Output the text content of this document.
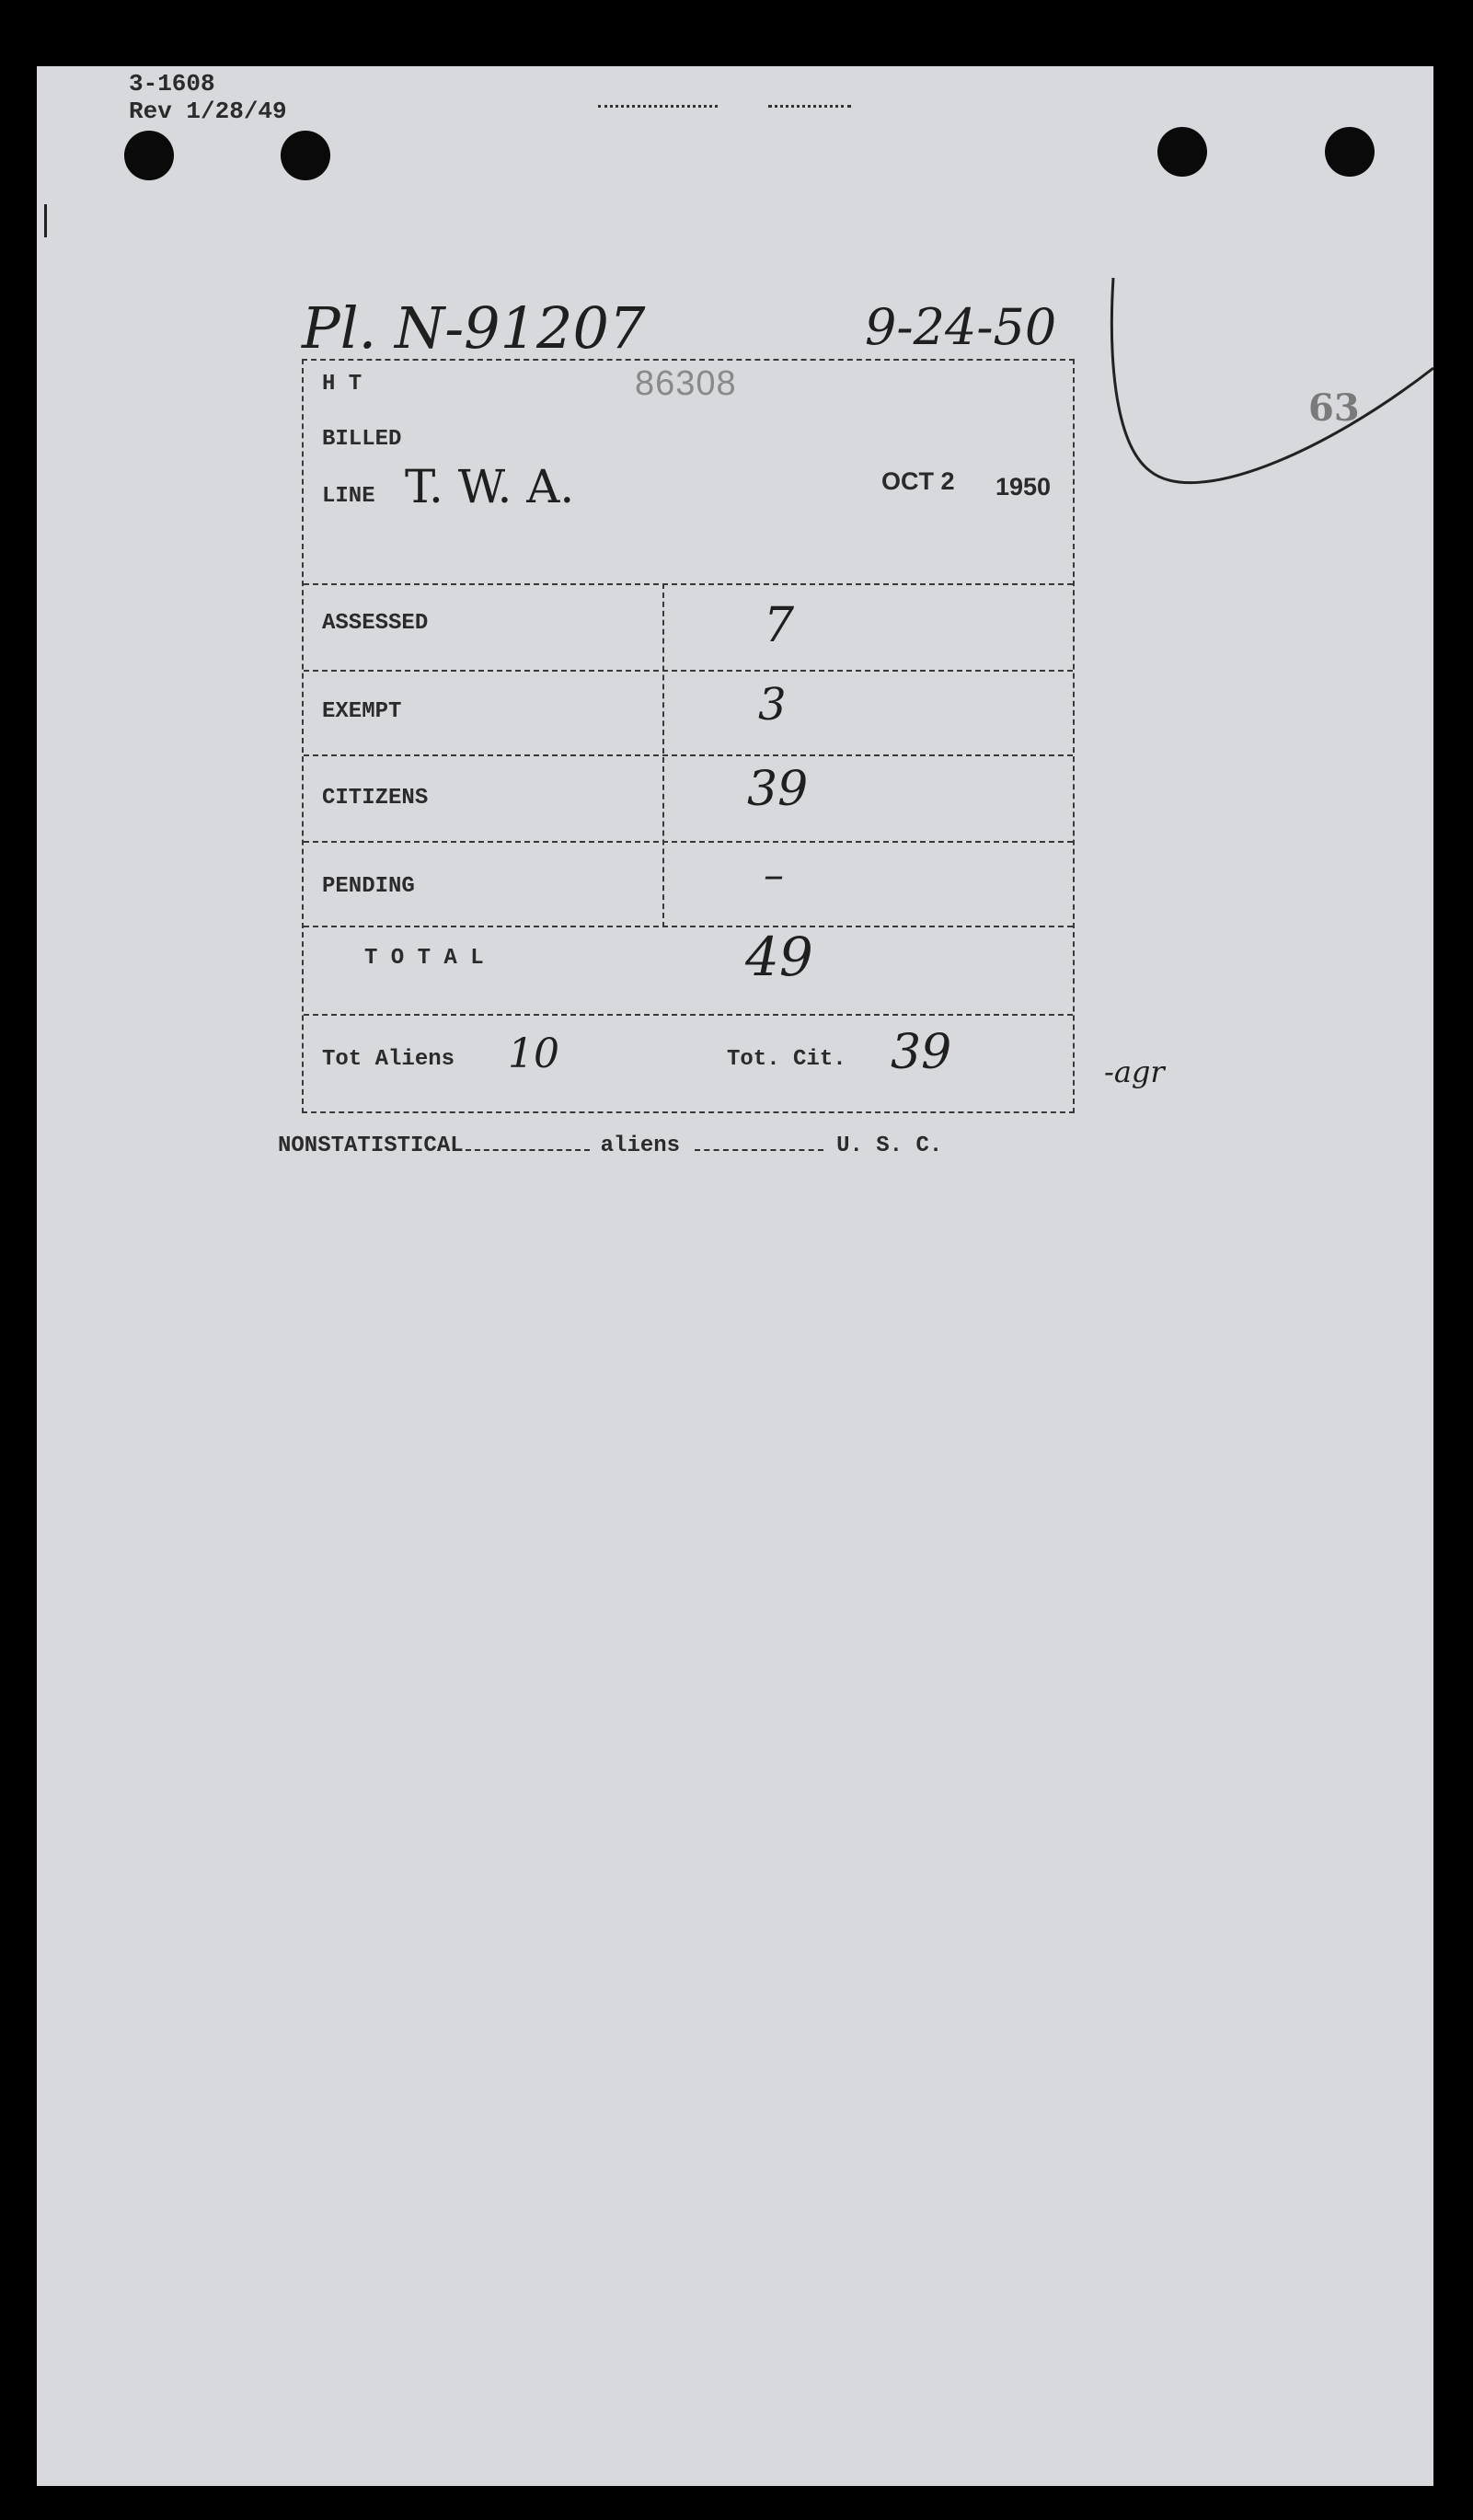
3-1608
Rev 1/28/49
63
Pl. N-91207	9-24-50
H T	86308
BILLED
LINE T. W. A.	OCT 2 1950
ASSESSED	7
EXEMPT	3
CITIZENS	39
PENDING	–
T O T A L	49
Tot Aliens 10	Tot. Cit. 39	-agr
NONSTATISTICAL	aliens	U. S. C.
